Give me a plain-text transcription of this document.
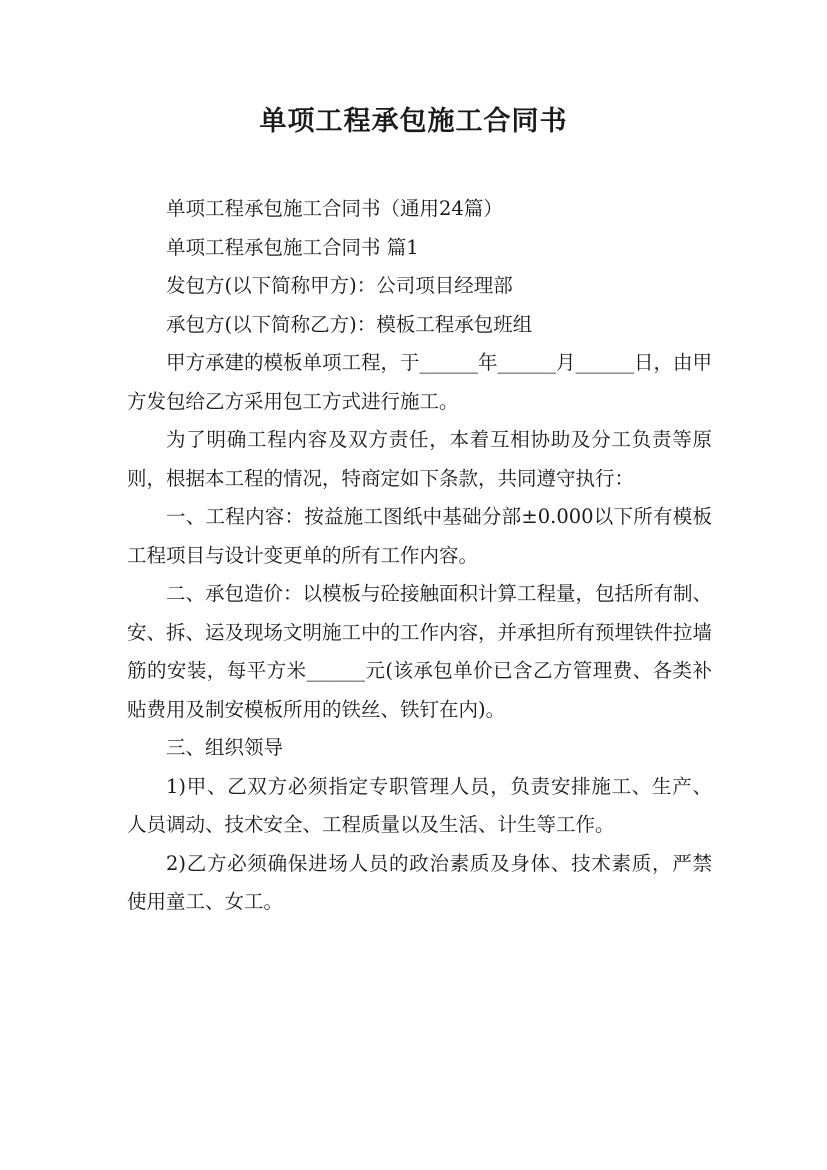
单项工程承包施工合同书

单项工程承包施工合同书（通用24篇）

单项工程承包施工合同书 篇1

发包方(以下简称甲方)：公司项目经理部

承包方(以下简称乙方)：模板工程承包班组

甲方承建的模板单项工程，于______年______月______日，由甲方发包给乙方采用包工方式进行施工。

为了明确工程内容及双方责任，本着互相协助及分工负责等原则，根据本工程的情况，特商定如下条款，共同遵守执行：

一、工程内容：按益施工图纸中基础分部±0.000以下所有模板工程项目与设计变更单的所有工作内容。

二、承包造价：以模板与砼接触面积计算工程量，包括所有制、安、拆、运及现场文明施工中的工作内容，并承担所有预埋铁件拉墙筋的安装，每平方米______元(该承包单价已含乙方管理费、各类补贴费用及制安模板所用的铁丝、铁钉在内)。

三、组织领导

1)甲、乙双方必须指定专职管理人员，负责安排施工、生产、人员调动、技术安全、工程质量以及生活、计生等工作。

2)乙方必须确保进场人员的政治素质及身体、技术素质，严禁使用童工、女工。
